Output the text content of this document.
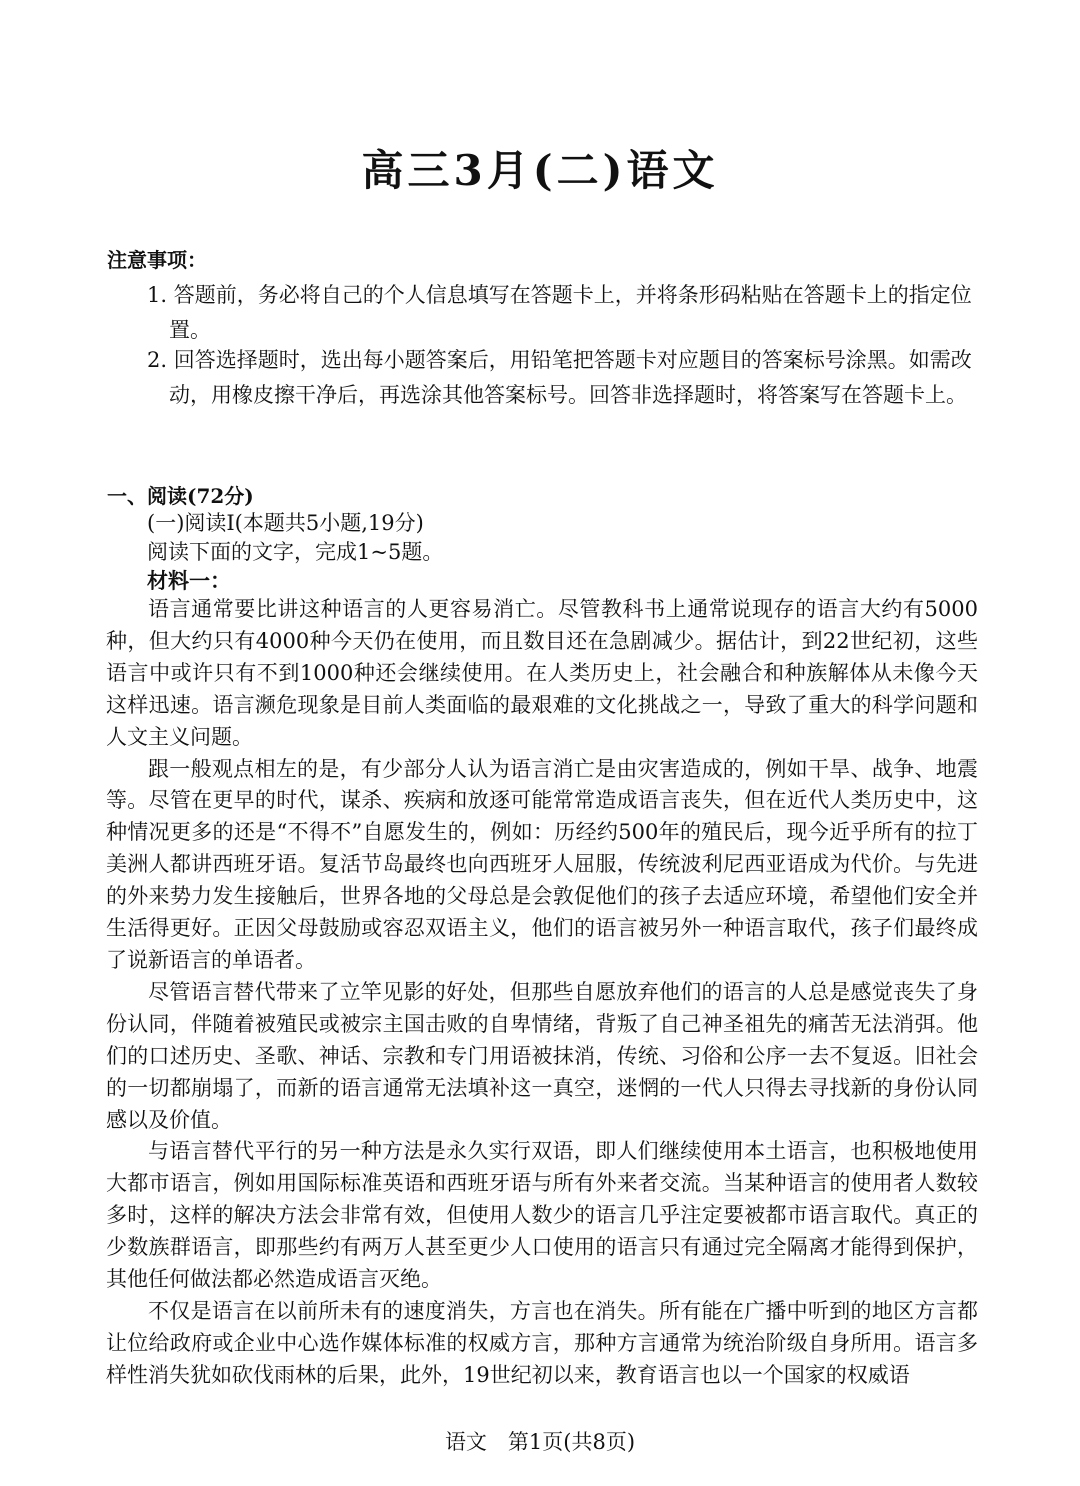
高三3月(二)语文
注意事项：
1. 答题前，务必将自己的个人信息填写在答题卡上，并将条形码粘贴在答题卡上的指定位置。
2. 回答选择题时，选出每小题答案后，用铅笔把答题卡对应题目的答案标号涂黑。如需改动，用橡皮擦干净后，再选涂其他答案标号。回答非选择题时，将答案写在答题卡上。
一、阅读(72分)
(一)阅读Ⅰ(本题共5小题,19分)
阅读下面的文字，完成1~5题。
材料一：

语言通常要比讲这种语言的人更容易消亡。尽管教科书上通常说现存的语言大约有5000种，但大约只有4000种今天仍在使用，而且数目还在急剧减少。据估计，到22世纪初，这些语言中或许只有不到1000种还会继续使用。在人类历史上，社会融合和种族解体从未像今天这样迅速。语言濒危现象是目前人类面临的最艰难的文化挑战之一，导致了重大的科学问题和人文主义问题。

跟一般观点相左的是，有少部分人认为语言消亡是由灾害造成的，例如干旱、战争、地震等。尽管在更早的时代，谋杀、疾病和放逐可能常常造成语言丧失，但在近代人类历史中，这种情况更多的还是“不得不”自愿发生的，例如：历经约500年的殖民后，现今近乎所有的拉丁美洲人都讲西班牙语。复活节岛最终也向西班牙人屈服，传统波利尼西亚语成为代价。与先进的外来势力发生接触后，世界各地的父母总是会敦促他们的孩子去适应环境，希望他们安全并生活得更好。正因父母鼓励或容忍双语主义，他们的语言被另外一种语言取代，孩子们最终成了说新语言的单语者。

尽管语言替代带来了立竿见影的好处，但那些自愿放弃他们的语言的人总是感觉丧失了身份认同，伴随着被殖民或被宗主国击败的自卑情绪，背叛了自己神圣祖先的痛苦无法消弭。他们的口述历史、圣歌、神话、宗教和专门用语被抹消，传统、习俗和公序一去不复返。旧社会的一切都崩塌了，而新的语言通常无法填补这一真空，迷惘的一代人只得去寻找新的身份认同感以及价值。

与语言替代平行的另一种方法是永久实行双语，即人们继续使用本土语言，也积极地使用大都市语言，例如用国际标准英语和西班牙语与所有外来者交流。当某种语言的使用者人数较多时，这样的解决方法会非常有效，但使用人数少的语言几乎注定要被都市语言取代。真正的少数族群语言，即那些约有两万人甚至更少人口使用的语言只有通过完全隔离才能得到保护，其他任何做法都必然造成语言灭绝。

不仅是语言在以前所未有的速度消失，方言也在消失。所有能在广播中听到的地区方言都让位给政府或企业中心选作媒体标准的权威方言，那种方言通常为统治阶级自身所用。语言多样性消失犹如砍伐雨林的后果，此外，19世纪初以来，教育语言也以一个国家的权威语

语文　第1页(共8页)
